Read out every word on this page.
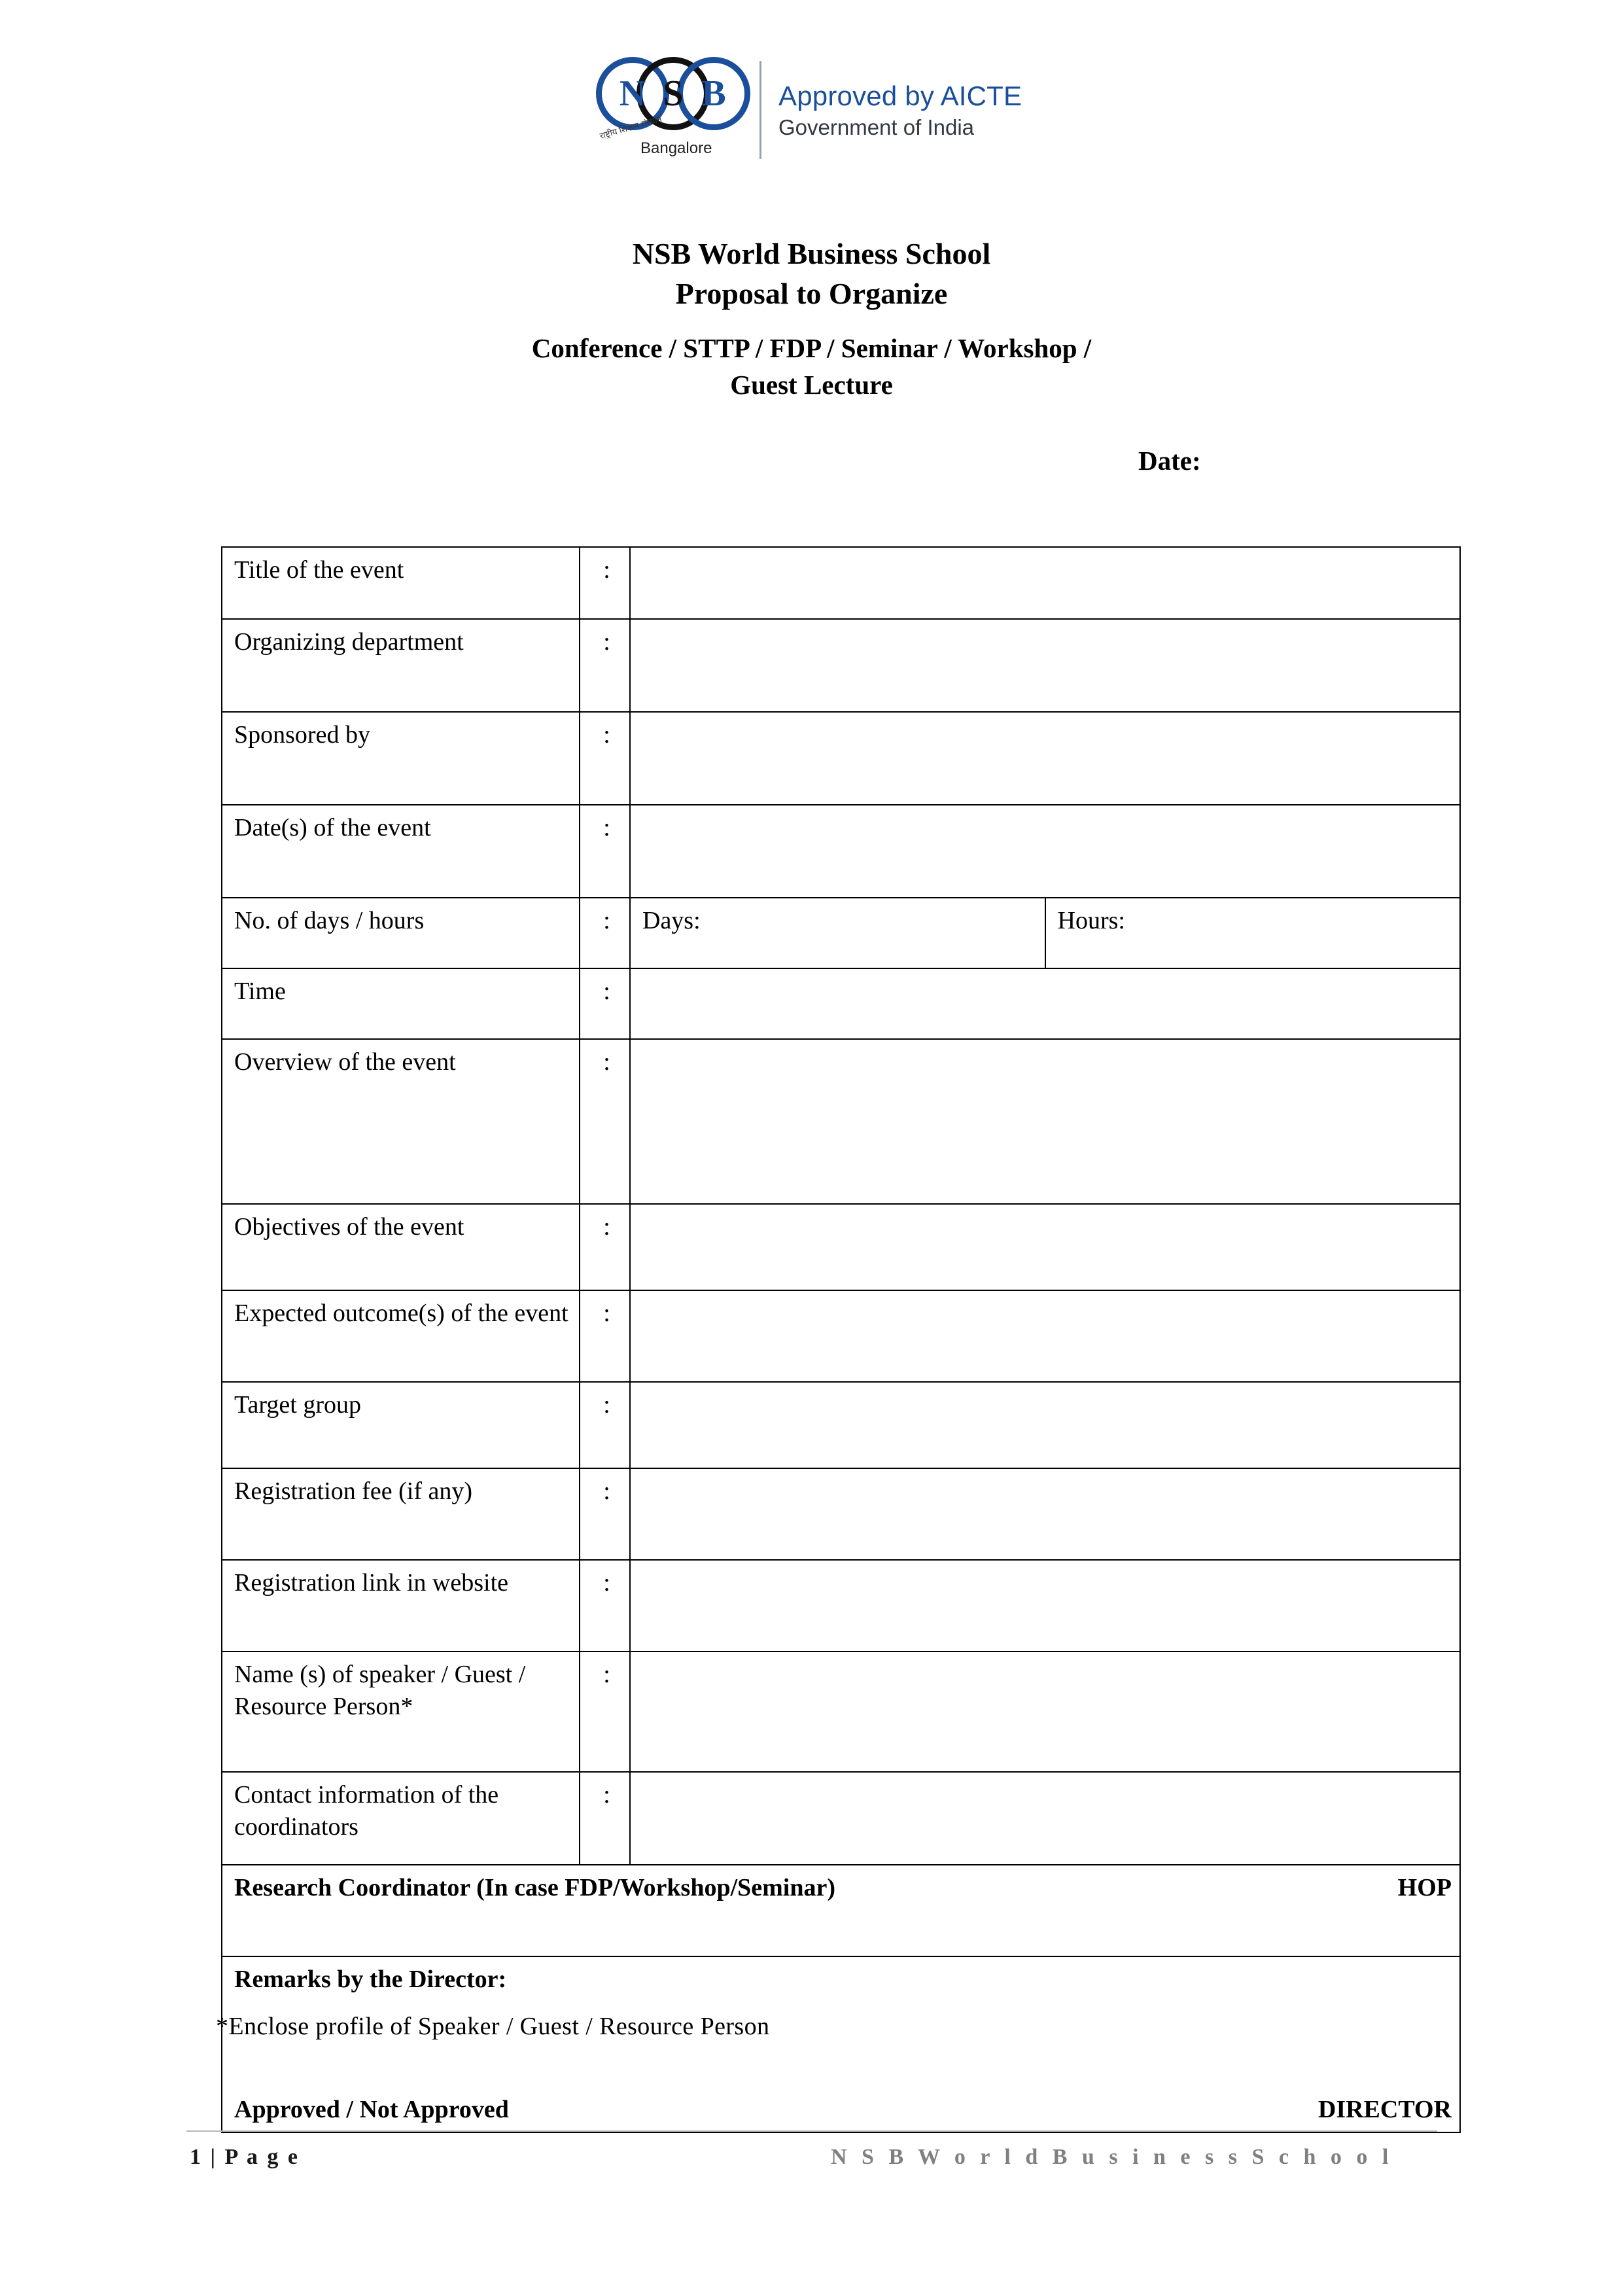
N S B
राष्ट्रीय शिक्षण संस्थान
Bangalore
Approved by AICTE
Government of India
NSB World Business School
Proposal to Organize
Conference / STTP / FDP / Seminar / Workshop /
Guest Lecture
Date:
Title of the event	:		
Organizing department	:		
Sponsored by	:		
Date(s) of the event	:		
No. of days / hours	:	Days:	Hours:
Time	:		
Overview of the event	:		
Objectives of the event	:		
Expected outcome(s) of the event	:		
Target group	:		
Registration fee (if any)	:		
Registration link in website	:		
Name (s) of speaker / Guest / Resource Person*	:		
Contact information of the coordinators	:		

Research Coordinator (In case FDP/Workshop/Seminar) HOP			

Remarks by the Director:
Approved / Not Approved DIRECTOR			
*Enclose profile of Speaker / Guest / Resource Person
1 | P a g e	N S B W o r l d B u s i n e s s S c h o o l
